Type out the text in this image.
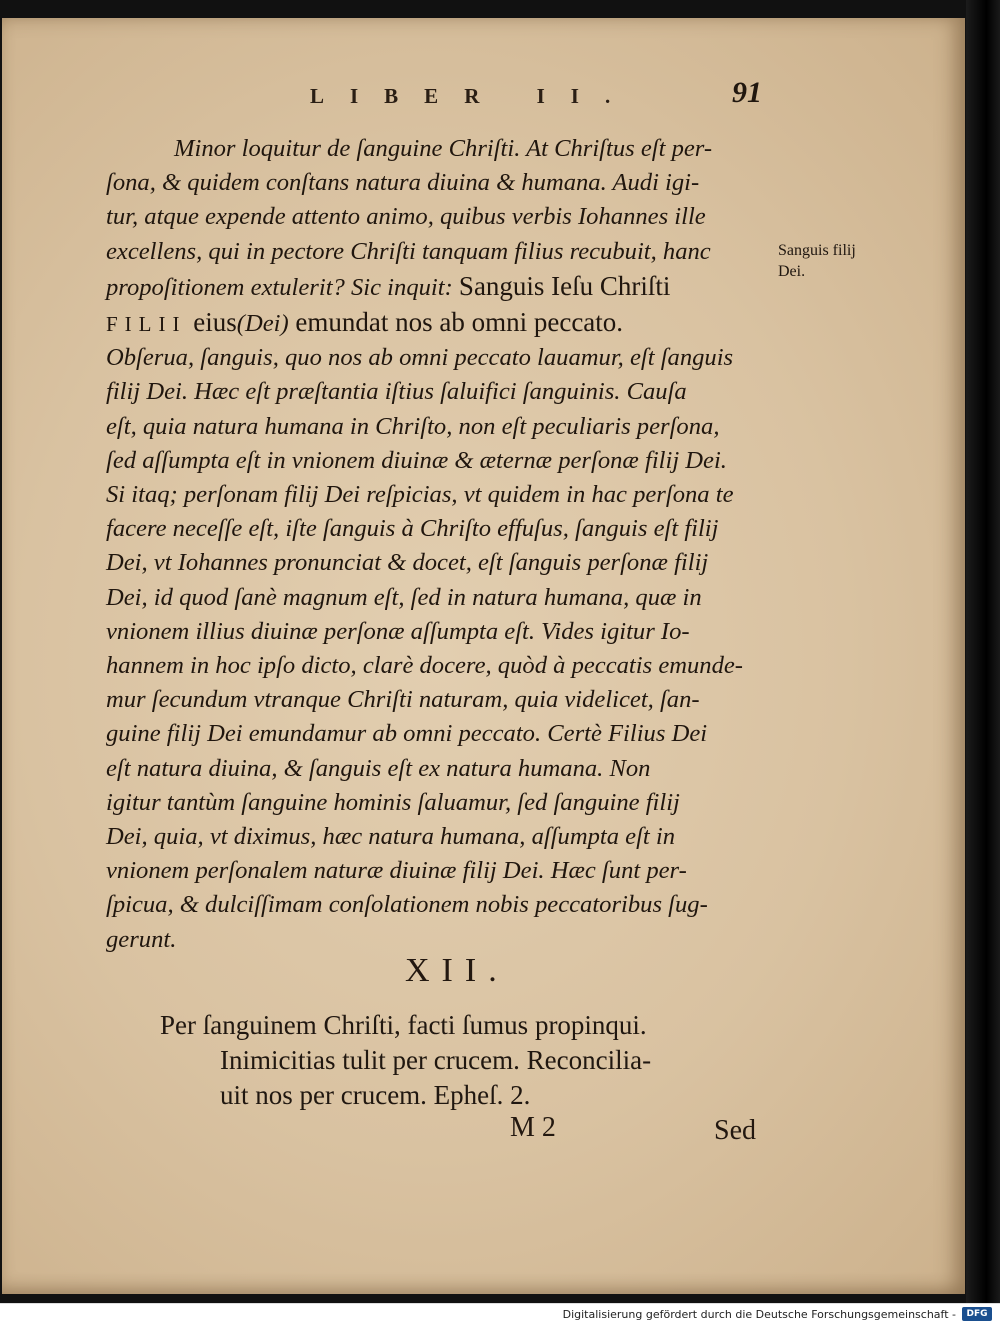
LIBER II.	91
Minor loquitur de ſanguine Chriſti. At Chriſtus eſt per-
ſona, & quidem conſtans natura diuina & humana. Audi igi-
tur, atque expende attento animo, quibus verbis Iohannes ille
excellens, qui in pectore Chriſti tanquam filius recubuit, hanc
propoſitionem extulerit? Sic inquit: Sanguis Ieſu Chriſti
FILII eius(Dei) emundat nos ab omni peccato.
Obſerua, ſanguis, quo nos ab omni peccato lauamur, eſt ſanguis
filij Dei. Hæc eſt præſtantia iſtius ſaluifici ſanguinis. Cauſa
eſt, quia natura humana in Chriſto, non eſt peculiaris perſona,
ſed aſſumpta eſt in vnionem diuinæ & æternæ perſonæ filij Dei.
Si itaq; perſonam filij Dei reſpicias, vt quidem in hac perſona te
facere neceſſe eſt, iſte ſanguis à Chriſto effuſus, ſanguis eſt filij
Dei, vt Iohannes pronunciat & docet, eſt ſanguis perſonæ filij
Dei, id quod ſanè magnum eſt, ſed in natura humana, quæ in
vnionem illius diuinæ perſonæ aſſumpta eſt. Vides igitur Io-
hannem in hoc ipſo dicto, clarè docere, quòd à peccatis emunde-
mur ſecundum vtranque Chriſti naturam, quia videlicet, ſan-
guine filij Dei emundamur ab omni peccato. Certè Filius Dei
eſt natura diuina, & ſanguis eſt ex natura humana. Non
igitur tantùm ſanguine hominis ſaluamur, ſed ſanguine filij
Dei, quia, vt diximus, hæc natura humana, aſſumpta eſt in
vnionem perſonalem naturæ diuinæ filij Dei. Hæc ſunt per-
ſpicua, & dulciſſimam conſolationem nobis peccatoribus ſug-
gerunt.
Sanguis filij
Dei.
XII.
Per ſanguinem Chriſti, facti ſumus propinqui.
Inimicitias tulit per crucem. Reconcilia-
uit nos per crucem. Epheſ. 2.
M 2	Sed
Digitalisierung gefördert durch die Deutsche Forschungsgemeinschaft -	DFG
